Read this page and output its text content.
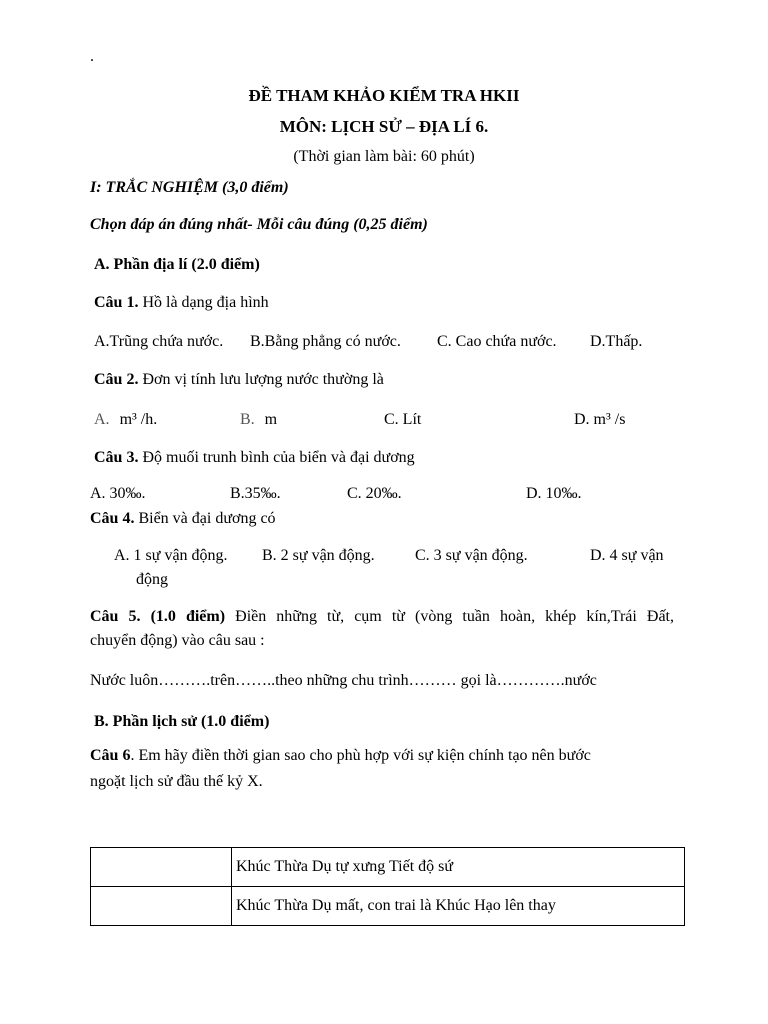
.
ĐỀ THAM KHẢO KIỂM TRA HKII
MÔN: LỊCH SỬ – ĐỊA LÍ 6.
(Thời gian làm bài: 60 phút)
I: TRẮC NGHIỆM (3,0 điểm)
Chọn đáp án đúng nhất- Mỗi câu đúng (0,25 điểm)
A. Phần địa lí (2.0 điểm)
Câu 1. Hồ là dạng địa hình
A.Trũng chứa nước. B.Bằng phẳng có nước. C. Cao chứa nước. D.Thấp.
Câu 2. Đơn vị tính lưu lượng nước thường là
A. m³ /h.	B. m	C. Lít	D. m³ /s
Câu 3. Độ muối trunh bình của biển và đại dương
A. 30‰.	B.35‰.	C. 20‰.	D. 10‰.
Câu 4. Biển và đại dương có
A. 1 sự vận động. B. 2 sự vận động.	C. 3 sự vận động.	D. 4 sự vận
động
Câu 5. (1.0 điểm) Điền những từ, cụm từ (vòng tuần hoàn, khép kín,Trái Đất,
chuyển động) vào câu sau :
Nước luôn……….trên……..theo những chu trình……… gọi là………….nước
B. Phần lịch sử (1.0 điểm)
Câu 6. Em hãy điền thời gian sao cho phù hợp với sự kiện chính tạo nên bước
ngoặt lịch sử đầu thế kỷ X.
	Khúc Thừa Dụ tự xưng Tiết độ sứ
	Khúc Thừa Dụ mất, con trai là Khúc Hạo lên thay
